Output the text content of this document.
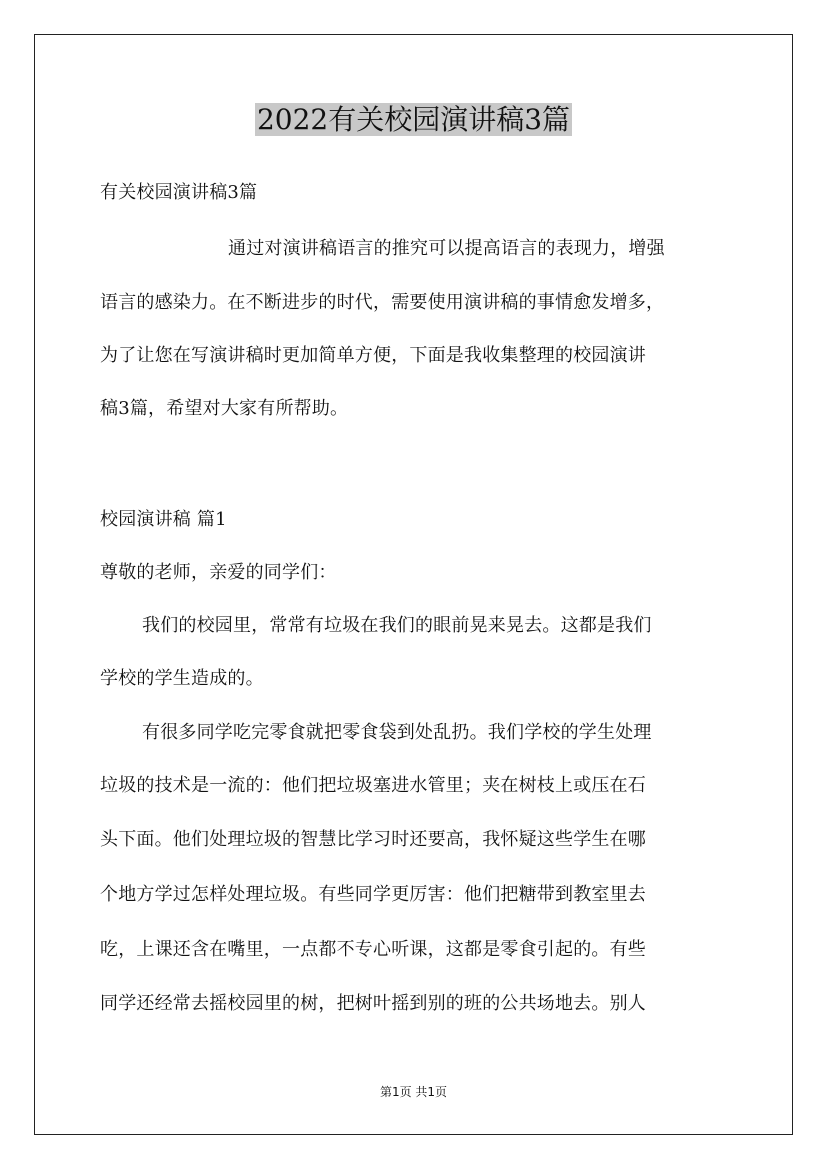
2022有关校园演讲稿3篇
有关校园演讲稿3篇
通过对演讲稿语言的推究可以提高语言的表现力，增强
语言的感染力。在不断进步的时代，需要使用演讲稿的事情愈发增多，
为了让您在写演讲稿时更加简单方便，下面是我收集整理的校园演讲
稿3篇，希望对大家有所帮助。
校园演讲稿 篇1
尊敬的老师，亲爱的同学们：
我们的校园里，常常有垃圾在我们的眼前晃来晃去。这都是我们
学校的学生造成的。
有很多同学吃完零食就把零食袋到处乱扔。我们学校的学生处理
垃圾的技术是一流的：他们把垃圾塞进水管里；夹在树枝上或压在石
头下面。他们处理垃圾的智慧比学习时还要高，我怀疑这些学生在哪
个地方学过怎样处理垃圾。有些同学更厉害：他们把糖带到教室里去
吃，上课还含在嘴里，一点都不专心听课，这都是零食引起的。有些
同学还经常去摇校园里的树，把树叶摇到别的班的公共场地去。别人
第1页 共1页
